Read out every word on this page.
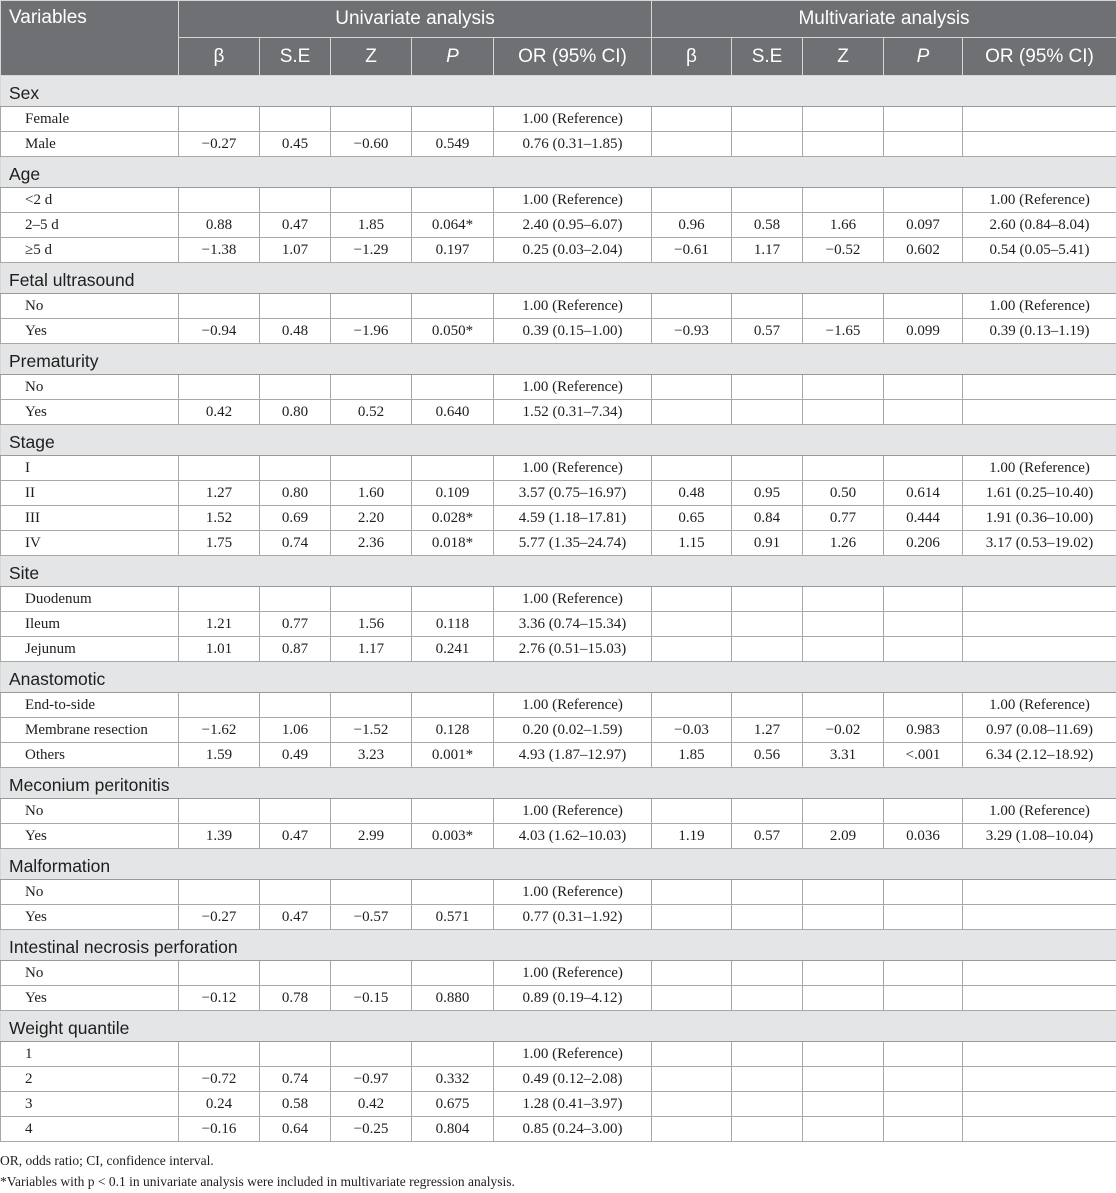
Variables	Univariate analysis					Multivariate analysis				
	β	S.E	Z	P	OR (95% CI)	β	S.E	Z	P	OR (95% CI)
Sex										
Female					1.00 (Reference)					
Male	−0.27	0.45	−0.60	0.549	0.76 (0.31–1.85)					
Age										
<2 d					1.00 (Reference)					1.00 (Reference)
2–5 d	0.88	0.47	1.85	0.064*	2.40 (0.95–6.07)	0.96	0.58	1.66	0.097	2.60 (0.84–8.04)
≥5 d	−1.38	1.07	−1.29	0.197	0.25 (0.03–2.04)	−0.61	1.17	−0.52	0.602	0.54 (0.05–5.41)
Fetal ultrasound										
No					1.00 (Reference)					1.00 (Reference)
Yes	−0.94	0.48	−1.96	0.050*	0.39 (0.15–1.00)	−0.93	0.57	−1.65	0.099	0.39 (0.13–1.19)
Prematurity										
No					1.00 (Reference)					
Yes	0.42	0.80	0.52	0.640	1.52 (0.31–7.34)					
Stage										
I					1.00 (Reference)					1.00 (Reference)
II	1.27	0.80	1.60	0.109	3.57 (0.75–16.97)	0.48	0.95	0.50	0.614	1.61 (0.25–10.40)
III	1.52	0.69	2.20	0.028*	4.59 (1.18–17.81)	0.65	0.84	0.77	0.444	1.91 (0.36–10.00)
IV	1.75	0.74	2.36	0.018*	5.77 (1.35–24.74)	1.15	0.91	1.26	0.206	3.17 (0.53–19.02)
Site										
Duodenum					1.00 (Reference)					
Ileum	1.21	0.77	1.56	0.118	3.36 (0.74–15.34)					
Jejunum	1.01	0.87	1.17	0.241	2.76 (0.51–15.03)					
Anastomotic										
End-to-side					1.00 (Reference)					1.00 (Reference)
Membrane resection	−1.62	1.06	−1.52	0.128	0.20 (0.02–1.59)	−0.03	1.27	−0.02	0.983	0.97 (0.08–11.69)
Others	1.59	0.49	3.23	0.001*	4.93 (1.87–12.97)	1.85	0.56	3.31	<.001	6.34 (2.12–18.92)
Meconium peritonitis										
No					1.00 (Reference)					1.00 (Reference)
Yes	1.39	0.47	2.99	0.003*	4.03 (1.62–10.03)	1.19	0.57	2.09	0.036	3.29 (1.08–10.04)
Malformation										
No					1.00 (Reference)					
Yes	−0.27	0.47	−0.57	0.571	0.77 (0.31–1.92)					
Intestinal necrosis perforation										
No					1.00 (Reference)					
Yes	−0.12	0.78	−0.15	0.880	0.89 (0.19–4.12)					
Weight quantile										
1					1.00 (Reference)					
2	−0.72	0.74	−0.97	0.332	0.49 (0.12–2.08)					
3	0.24	0.58	0.42	0.675	1.28 (0.41–3.97)					
4	−0.16	0.64	−0.25	0.804	0.85 (0.24–3.00)					
OR, odds ratio; CI, confidence interval.
*Variables with p < 0.1 in univariate analysis were included in multivariate regression analysis.
